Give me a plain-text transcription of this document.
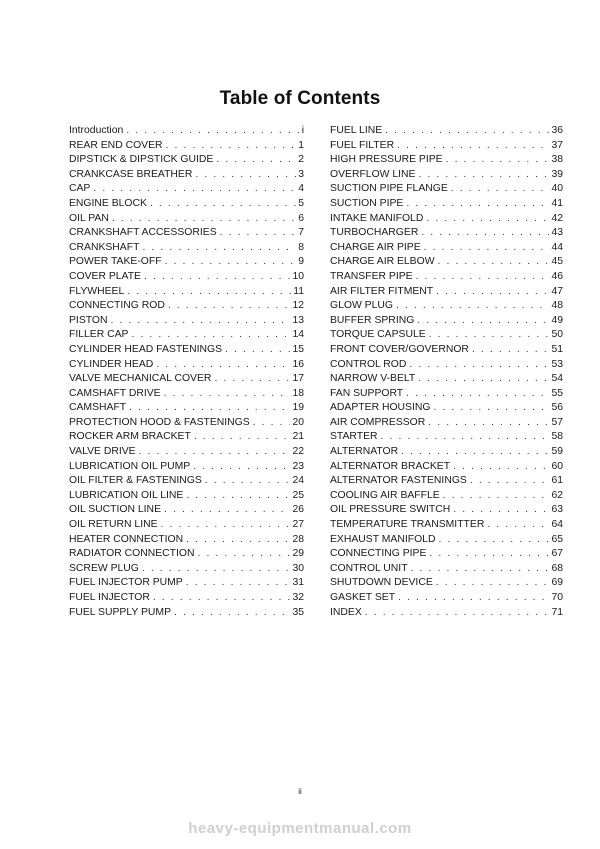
Table of Contents
Introduction . . .	i
REAR END COVER . . .	1
DIPSTICK & DIPSTICK GUIDE . . .	2
CRANKCASE BREATHER . . .	3
CAP . . .	4
ENGINE BLOCK . . .	5
OIL PAN . . .	6
CRANKSHAFT ACCESSORIES . . .	7
CRANKSHAFT . . .	8
POWER TAKE-OFF . . .	9
COVER PLATE . . .	10
FLYWHEEL . . .	11
CONNECTING ROD . . .	12
PISTON . . .	13
FILLER CAP . . .	14
CYLINDER HEAD FASTENINGS . . .	15
CYLINDER HEAD . . .	16
VALVE MECHANICAL COVER . . .	17
CAMSHAFT DRIVE . . .	18
CAMSHAFT . . .	19
PROTECTION HOOD & FASTENINGS . . .	20
ROCKER ARM BRACKET . . .	21
VALVE DRIVE . . .	22
LUBRICATION OIL PUMP . . .	23
OIL FILTER & FASTENINGS . . .	24
LUBRICATION OIL LINE . . .	25
OIL SUCTION LINE . . .	26
OIL RETURN LINE . . .	27
HEATER CONNECTION . . .	28
RADIATOR CONNECTION . . .	29
SCREW PLUG . . .	30
FUEL INJECTOR PUMP . . .	31
FUEL INJECTOR . . .	32
FUEL SUPPLY PUMP . . .	35
FUEL LINE . . .	36
FUEL FILTER . . .	37
HIGH PRESSURE PIPE . . .	38
OVERFLOW LINE . . .	39
SUCTION PIPE FLANGE . . .	40
SUCTION PIPE . . .	41
INTAKE MANIFOLD . . .	42
TURBOCHARGER . . .	43
CHARGE AIR PIPE . . .	44
CHARGE AIR ELBOW . . .	45
TRANSFER PIPE . . .	46
AIR FILTER FITMENT . . .	47
GLOW PLUG . . .	48
BUFFER SPRING . . .	49
TORQUE CAPSULE . . .	50
FRONT COVER/GOVERNOR . . .	51
CONTROL ROD . . .	53
NARROW V-BELT . . .	54
FAN SUPPORT . . .	55
ADAPTER HOUSING . . .	56
AIR COMPRESSOR . . .	57
STARTER . . .	58
ALTERNATOR . . .	59
ALTERNATOR BRACKET . . .	60
ALTERNATOR FASTENINGS . . .	61
COOLING AIR BAFFLE . . .	62
OIL PRESSURE SWITCH . . .	63
TEMPERATURE TRANSMITTER . . .	64
EXHAUST MANIFOLD . . .	65
CONNECTING PIPE . . .	67
CONTROL UNIT . . .	68
SHUTDOWN DEVICE . . .	69
GASKET SET . . .	70
INDEX . . .	71
ii
heavy-equipmentmanual.com
